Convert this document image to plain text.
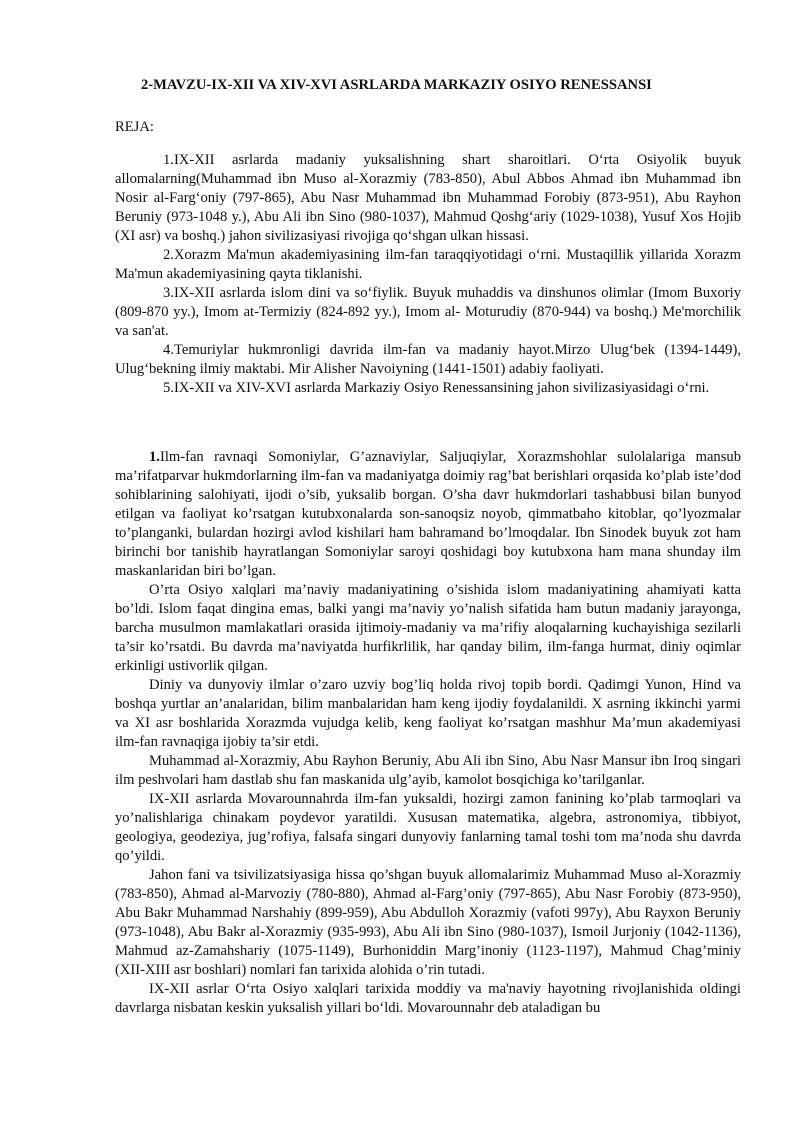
2-MAVZU-IX-XII VA XIV-XVI ASRLARDA MARKAZIY OSIYO RENESSANSI
REJA:

1.IX-XII asrlarda madaniy yuksalishning shart sharoitlari. O‘rta Osiyolik buyuk allomalarning(Muhammad ibn Muso al-Xorazmiy (783-850), Abul Abbos Ahmad ibn Muhammad ibn Nosir al-Farg‘oniy (797-865), Abu Nasr Muhammad ibn Muhammad Forobiy (873-951), Abu Rayhon Beruniy (973-1048 y.), Abu Ali ibn Sino (980-1037), Mahmud Qoshg‘ariy (1029-1038), Yusuf Xos Hojib (XI asr) va boshq.) jahon sivilizasiyasi rivojiga qo‘shgan ulkan hissasi.

2.Xorazm Ma'mun akademiyasining ilm-fan taraqqiyotidagi o‘rni. Mustaqillik yillarida Xorazm Ma'mun akademiyasining qayta tiklanishi.

3.IX-XII asrlarda islom dini va so‘fiylik. Buyuk muhaddis va dinshunos olimlar (Imom Buxoriy (809-870 yy.), Imom at-Termiziy (824-892 yy.), Imom al- Moturudiy (870-944) va boshq.) Me'morchilik va san'at.

4.Temuriylar hukmronligi davrida ilm-fan va madaniy hayot.Mirzo Ulug‘bek (1394-1449), Ulug‘bekning ilmiy maktabi. Mir Alisher Navoiyning (1441-1501) adabiy faoliyati.

5.IX-XII va XIV-XVI asrlarda Markaziy Osiyo Renessansining jahon sivilizasiyasidagi o‘rni.

1.Ilm-fan ravnaqi Somoniylar, G’aznaviylar, Saljuqiylar, Xorazmshohlar sulolalariga mansub ma’rifatparvar hukmdorlarning ilm-fan va madaniyatga doimiy rag’bat berishlari orqasida ko’plab iste’dod sohiblarining salohiyati, ijodi o’sib, yuksalib borgan. O’sha davr hukmdorlari tashabbusi bilan bunyod etilgan va faoliyat ko’rsatgan kutubxonalarda son-sanoqsiz noyob, qimmatbaho kitoblar, qo’lyozmalar to’planganki, bulardan hozirgi avlod kishilari ham bahramand bo’lmoqdalar. Ibn Sinodek buyuk zot ham birinchi bor tanishib hayratlangan Somoniylar saroyi qoshidagi boy kutubxona ham mana shunday ilm maskanlaridan biri bo’lgan.

O’rta Osiyo xalqlari ma’naviy madaniyatining o’sishida islom madaniyatining ahamiyati katta bo’ldi. Islom faqat dingina emas, balki yangi ma’naviy yo’nalish sifatida ham butun madaniy jarayonga, barcha musulmon mamlakatlari orasida ijtimoiy-madaniy va ma’rifiy aloqalarning kuchayishiga sezilarli ta’sir ko’rsatdi. Bu davrda ma’naviyatda hurfikrlilik, har qanday bilim, ilm-fanga hurmat, diniy oqimlar erkinligi ustivorlik qilgan.

Diniy va dunyoviy ilmlar o’zaro uzviy bog’liq holda rivoj topib bordi. Qadimgi Yunon, Hind va boshqa yurtlar an’analaridan, bilim manbalaridan ham keng ijodiy foydalanildi. X asrning ikkinchi yarmi va XI asr boshlarida Xorazmda vujudga kelib, keng faoliyat ko’rsatgan mashhur Ma’mun akademiyasi ilm-fan ravnaqiga ijobiy ta’sir etdi.

Muhammad al-Xorazmiy, Abu Rayhon Beruniy, Abu Ali ibn Sino, Abu Nasr Mansur ibn Iroq singari ilm peshvolari ham dastlab shu fan maskanida ulg’ayib, kamolot bosqichiga ko’tarilganlar.

IX-XII asrlarda Movarounnahrda ilm-fan yuksaldi, hozirgi zamon fanining ko’plab tarmoqlari va yo’nalishlariga chinakam poydevor yaratildi. Xususan matematika, algebra, astronomiya, tibbiyot, geologiya, geodeziya, jug’rofiya, falsafa singari dunyoviy fanlarning tamal toshi tom ma’noda shu davrda qo’yildi.

Jahon fani va tsivilizatsiyasiga hissa qo’shgan buyuk allomalarimiz Muhammad Muso al-Xorazmiy (783-850), Ahmad al-Marvoziy (780-880), Ahmad al-Farg’oniy (797-865), Abu Nasr Forobiy (873-950), Abu Bakr Muhammad Narshahiy (899-959), Abu Abdulloh Xorazmiy (vafoti 997y), Abu Rayxon Beruniy (973-1048), Abu Bakr al-Xorazmiy (935-993), Abu Ali ibn Sino (980-1037), Ismoil Jurjoniy (1042-1136), Mahmud az-Zamahshariy (1075-1149), Burhoniddin Marg’inoniy (1123-1197), Mahmud Chag’miniy (XII-XIII asr boshlari) nomlari fan tarixida alohida o’rin tutadi.

IX-XII asrlar O‘rta Osiyo xalqlari tarixida moddiy va ma'naviy hayotning rivojlanishida oldingi davrlarga nisbatan keskin yuksalish yillari bo‘ldi. Movarounnahr deb ataladigan bu
